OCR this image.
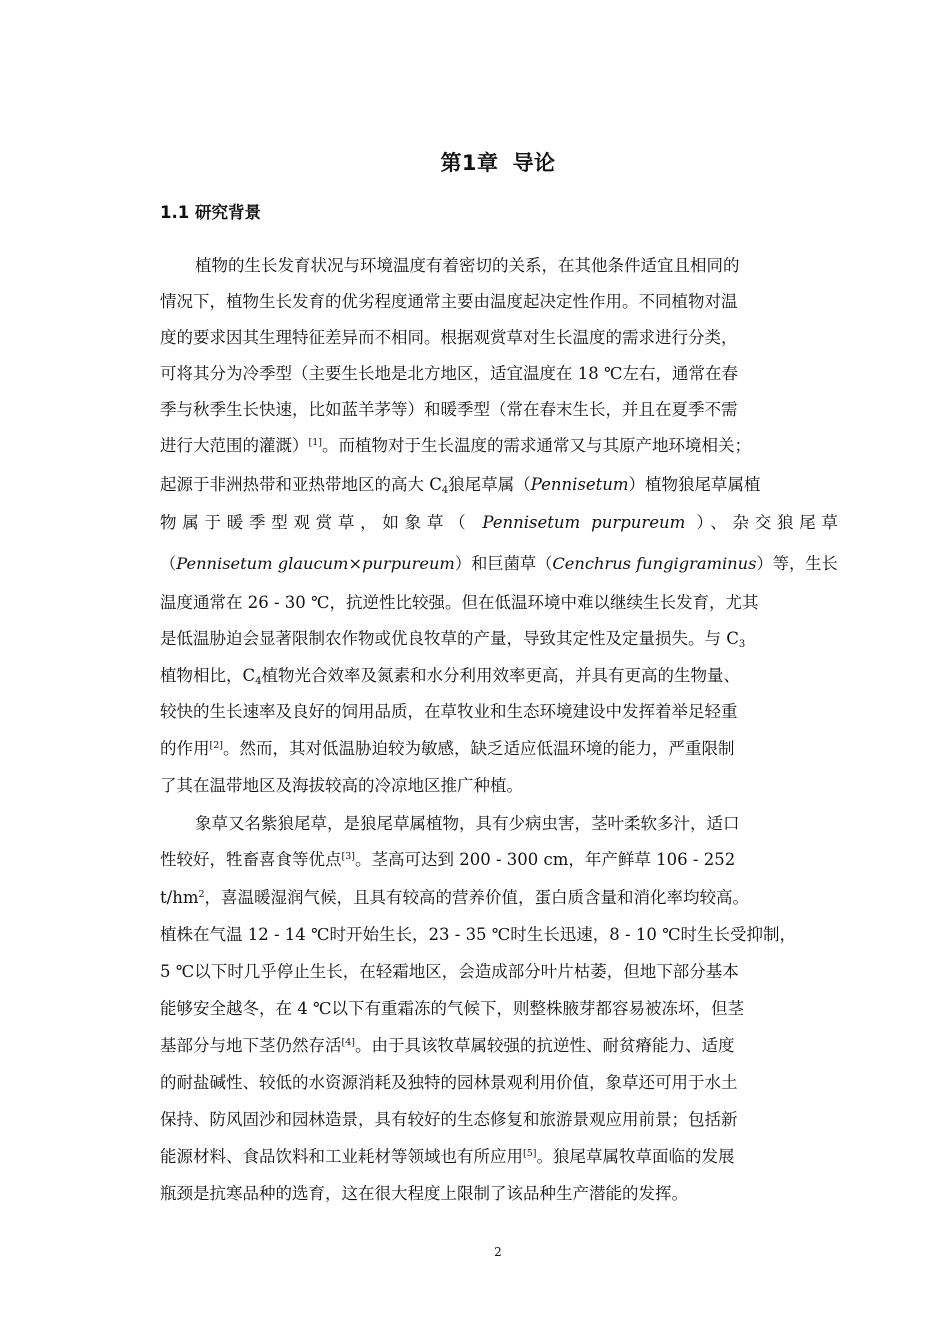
第1章 导论
1.1 研究背景
植物的生长发育状况与环境温度有着密切的关系，在其他条件适宜且相同的
情况下，植物生长发育的优劣程度通常主要由温度起决定性作用。不同植物对温
度的要求因其生理特征差异而不相同。根据观赏草对生长温度的需求进行分类，
可将其分为冷季型（主要生长地是北方地区，适宜温度在 18 ℃左右，通常在春
季与秋季生长快速，比如蓝羊茅等）和暖季型（常在春末生长，并且在夏季不需
进行大范围的灌溉）[1]。而植物对于生长温度的需求通常又与其原产地环境相关；
起源于非洲热带和亚热带地区的高大 $C_4$狼尾草属（Pennisetum）植物狼尾草属植
物属于暖季型观赏草，如象草（ Pennisetum purpureum ）、杂交狼尾草
（Pennisetum glaucum×purpureum）和巨菌草（Cenchrus fungigraminus）等，生长
温度通常在 26 - 30 ℃，抗逆性比较强。但在低温环境中难以继续生长发育，尤其
是低温胁迫会显著限制农作物或优良牧草的产量，导致其定性及定量损失。与 $C_3$
植物相比，$C_4$植物光合效率及氮素和水分利用效率更高，并具有更高的生物量、
较快的生长速率及良好的饲用品质，在草牧业和生态环境建设中发挥着举足轻重
的作用[2]。然而，其对低温胁迫较为敏感，缺乏适应低温环境的能力，严重限制
了其在温带地区及海拔较高的冷凉地区推广种植。
象草又名紫狼尾草，是狼尾草属植物，具有少病虫害，茎叶柔软多汁，适口
性较好，牲畜喜食等优点[3]。茎高可达到 200 - 300 cm，年产鲜草 106 - 252
$t/hm^2$，喜温暖湿润气候，且具有较高的营养价值，蛋白质含量和消化率均较高。
植株在气温 12 - 14 ℃时开始生长，23 - 35 ℃时生长迅速，8 - 10 ℃时生长受抑制，
5 ℃以下时几乎停止生长，在轻霜地区，会造成部分叶片枯萎，但地下部分基本
能够安全越冬，在 4 ℃以下有重霜冻的气候下，则整株腋芽都容易被冻坏，但茎
基部分与地下茎仍然存活[4]。由于具该牧草属较强的抗逆性、耐贫瘠能力、适度
的耐盐碱性、较低的水资源消耗及独特的园林景观利用价值，象草还可用于水土
保持、防风固沙和园林造景，具有较好的生态修复和旅游景观应用前景；包括新
能源材料、食品饮料和工业耗材等领域也有所应用[5]。狼尾草属牧草面临的发展
瓶颈是抗寒品种的选育，这在很大程度上限制了该品种生产潜能的发挥。
2
